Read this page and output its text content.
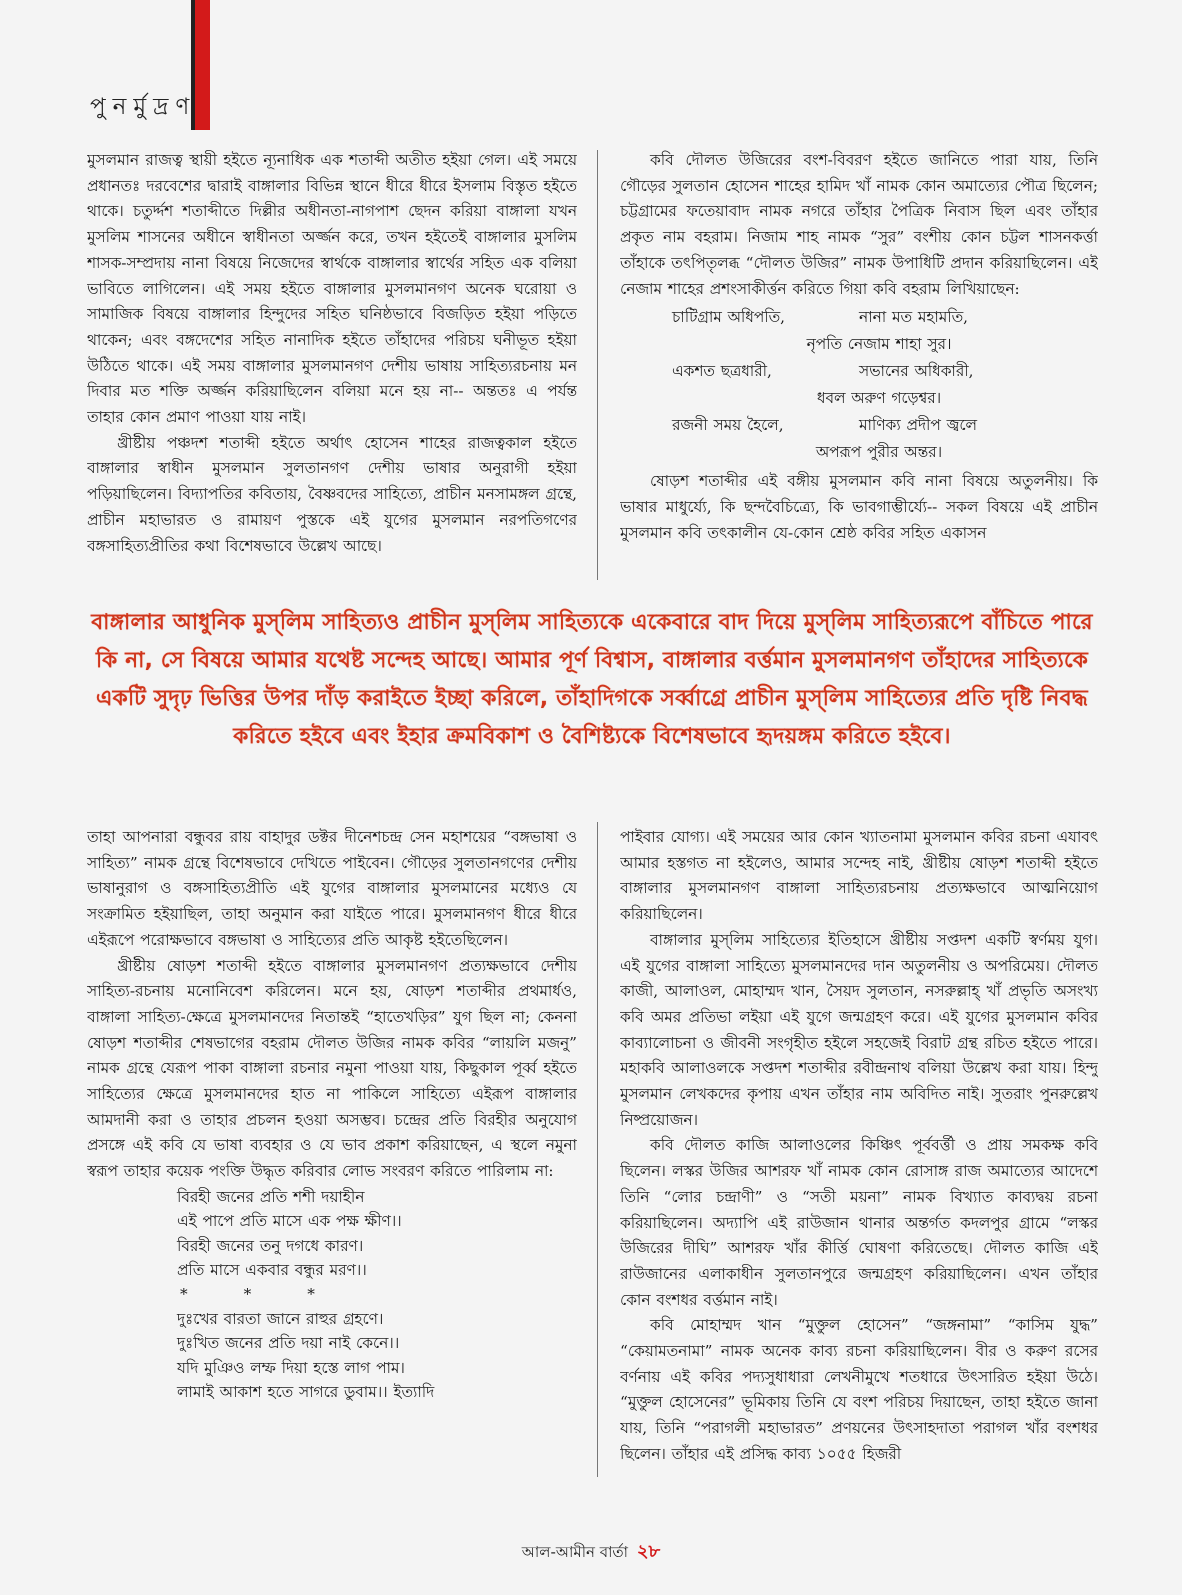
পুনর্মুদ্রণ

মুসলমান রাজত্ব স্থায়ী হইতে ন্যূনাধিক এক শতাব্দী অতীত হইয়া গেল। এই সময়ে প্রধানতঃ দরবেশের দ্বারাই বাঙ্গালার বিভিন্ন স্থানে ধীরে ধীরে ইসলাম বিস্তৃত হইতে থাকে। চতুর্দ্দশ শতাব্দীতে দিল্লীর অধীনতা-নাগপাশ ছেদন করিয়া বাঙ্গালা যখন মুসলিম শাসনের অধীনে স্বাধীনতা অর্জ্জন করে, তখন হইতেই বাঙ্গালার মুসলিম শাসক-সম্প্রদায় নানা বিষয়ে নিজেদের স্বার্থকে বাঙ্গালার স্বার্থের সহিত এক বলিয়া ভাবিতে লাগিলেন। এই সময় হইতে বাঙ্গালার মুসলমানগণ অনেক ঘরোয়া ও সামাজিক বিষয়ে বাঙ্গালার হিন্দুদের সহিত ঘনিষ্ঠভাবে বিজড়িত হইয়া পড়িতে থাকেন; এবং বঙ্গদেশের সহিত নানাদিক হইতে তাঁহাদের পরিচয় ঘনীভূত হইয়া উঠিতে থাকে। এই সময় বাঙ্গালার মুসলমানগণ দেশীয় ভাষায় সাহিত্যরচনায় মন দিবার মত শক্তি অর্জ্জন করিয়াছিলেন বলিয়া মনে হয় না-- অন্ততঃ এ পর্যন্ত তাহার কোন প্রমাণ পাওয়া যায় নাই।

খ্রীষ্টীয় পঞ্চদশ শতাব্দী হইতে অর্থাৎ হোসেন শাহের রাজত্বকাল হইতে বাঙ্গালার স্বাধীন মুসলমান সুলতানগণ দেশীয় ভাষার অনুরাগী হইয়া পড়িয়াছিলেন। বিদ্যাপতির কবিতায়, বৈষ্ণবদের সাহিত্যে, প্রাচীন মনসামঙ্গল গ্রন্থে, প্রাচীন মহাভারত ও রামায়ণ পুস্তকে এই যুগের মুসলমান নরপতিগণের বঙ্গসাহিত্যপ্রীতির কথা বিশেষভাবে উল্লেখ আছে।

কবি দৌলত উজিরের বংশ-বিবরণ হইতে জানিতে পারা যায়, তিনি গৌড়ের সুলতান হোসেন শাহের হামিদ খাঁ নামক কোন অমাত্যের পৌত্র ছিলেন; চট্টগ্রামের ফতেয়াবাদ নামক নগরে তাঁহার পৈত্রিক নিবাস ছিল এবং তাঁহার প্রকৃত নাম বহরাম। নিজাম শাহ নামক “সুর” বংশীয় কোন চট্টল শাসনকর্ত্তা তাঁহাকে তৎপিতৃলব্ধ “দৌলত উজির” নামক উপাধিটি প্রদান করিয়াছিলেন। এই নেজাম শাহের প্রশংসাকীর্ত্তন করিতে গিয়া কবি বহরাম লিখিয়াছেন:

চাটিগ্রাম অধিপতি,	নানা মত মহামতি,
নৃপতি নেজাম শাহা সুর।	
একশত ছত্রধারী,	সভানের অধিকারী,
ধবল অরুণ গড়েশ্বর।	
রজনী সময় হৈলে,	মাণিক্য প্রদীপ জ্বলে
অপরূপ পুরীর অন্তর।	

ষোড়শ শতাব্দীর এই বঙ্গীয় মুসলমান কবি নানা বিষয়ে অতুলনীয়। কি ভাষার মাধুর্য্যে, কি ছন্দবৈচিত্র্যে, কি ভাবগাম্ভীর্য্যে-- সকল বিষয়ে এই প্রাচীন মুসলমান কবি তৎকালীন যে-কোন শ্রেষ্ঠ কবির সহিত একাসন

বাঙ্গালার আধুনিক মুস্‌লিম সাহিত্যও প্রাচীন মুস্‌লিম সাহিত্যকে একেবারে বাদ দিয়ে মুস্‌লিম সাহিত্যরূপে বাঁচিতে পারে কি না, সে বিষয়ে আমার যথেষ্ট সন্দেহ আছে। আমার পূর্ণ বিশ্বাস, বাঙ্গালার বর্ত্তমান মুসলমানগণ তাঁহাদের সাহিত্যকে একটি সুদৃঢ় ভিত্তির উপর দাঁড় করাইতে ইচ্ছা করিলে, তাঁহাদিগকে সর্ব্বাগ্রে প্রাচীন মুস্‌লিম সাহিত্যের প্রতি দৃষ্টি নিবদ্ধ করিতে হইবে এবং ইহার ক্রমবিকাশ ও বৈশিষ্ট্যকে বিশেষভাবে হৃদয়ঙ্গম করিতে হইবে।

তাহা আপনারা বন্ধুবর রায় বাহাদুর ডক্টর দীনেশচন্দ্র সেন মহাশয়ের “বঙ্গভাষা ও সাহিত্য” নামক গ্রন্থে বিশেষভাবে দেখিতে পাইবেন। গৌড়ের সুলতানগণের দেশীয় ভাষানুরাগ ও বঙ্গসাহিত্যপ্রীতি এই যুগের বাঙ্গালার মুসলমানের মধ্যেও যে সংক্রামিত হইয়াছিল, তাহা অনুমান করা যাইতে পারে। মুসলমানগণ ধীরে ধীরে এইরূপে পরোক্ষভাবে বঙ্গভাষা ও সাহিত্যের প্রতি আকৃষ্ট হইতেছিলেন।

খ্রীষ্টীয় ষোড়শ শতাব্দী হইতে বাঙ্গালার মুসলমানগণ প্রত্যক্ষভাবে দেশীয় সাহিত্য-রচনায় মনোনিবেশ করিলেন। মনে হয়, ষোড়শ শতাব্দীর প্রথমার্ধও, বাঙ্গালা সাহিত্য-ক্ষেত্রে মুসলমানদের নিতান্তই “হাতেখড়ির” যুগ ছিল না; কেননা ষোড়শ শতাব্দীর শেষভাগের বহরাম দৌলত উজির নামক কবির “লায়লি মজনু” নামক গ্রন্থে যেরূপ পাকা বাঙ্গালা রচনার নমুনা পাওয়া যায়, কিছুকাল পূর্ব্ব হইতে সাহিত্যের ক্ষেত্রে মুসলমানদের হাত না পাকিলে সাহিত্যে এইরূপ বাঙ্গালার আমদানী করা ও তাহার প্রচলন হওয়া অসম্ভব। চন্দ্রের প্রতি বিরহীর অনুযোগ প্রসঙ্গে এই কবি যে ভাষা ব্যবহার ও যে ভাব প্রকাশ করিয়াছেন, এ স্থলে নমুনা স্বরূপ তাহার কয়েক পংক্তি উদ্ধৃত করিবার লোভ সংবরণ করিতে পারিলাম না:

বিরহী জনের প্রতি শশী দয়াহীন
এই পাপে প্রতি মাসে এক পক্ষ ক্ষীণ।।
বিরহী জনের তনু দগধে কারণ।
প্রতি মাসে একবার বন্ধুর মরণ।।
***
দুঃখের বারতা জানে রাহুর গ্রহণে।
দুঃখিত জনের প্রতি দয়া নাই কেনে।।
যদি মুঞিও লম্ফ দিয়া হস্তে লাগ পাম।
লামাই আকাশ হতে সাগরে ডুবাম।। ইত্যাদি

পাইবার যোগ্য। এই সময়ের আর কোন খ্যাতনামা মুসলমান কবির রচনা এযাবৎ আমার হস্তগত না হইলেও, আমার সন্দেহ নাই, খ্রীষ্টীয় ষোড়শ শতাব্দী হইতে বাঙ্গালার মুসলমানগণ বাঙ্গালা সাহিত্যরচনায় প্রত্যক্ষভাবে আত্মনিয়োগ করিয়াছিলেন।

বাঙ্গালার মুস্‌লিম সাহিত্যের ইতিহাসে খ্রীষ্টীয় সপ্তদশ একটি স্বর্ণময় যুগ। এই যুগের বাঙ্গালা সাহিত্যে মুসলমানদের দান অতুলনীয় ও অপরিমেয়। দৌলত কাজী, আলাওল, মোহাম্মদ খান, সৈয়দ সুলতান, নসরুল্লাহ্ খাঁ প্রভৃতি অসংখ্য কবি অমর প্রতিভা লইয়া এই যুগে জন্মগ্রহণ করে। এই যুগের মুসলমান কবির কাব্যালোচনা ও জীবনী সংগৃহীত হইলে সহজেই বিরাট গ্রন্থ রচিত হইতে পারে। মহাকবি আলাওলকে সপ্তদশ শতাব্দীর রবীন্দ্রনাথ বলিয়া উল্লেখ করা যায়। হিন্দু মুসলমান লেখকদের কৃপায় এখন তাঁহার নাম অবিদিত নাই। সুতরাং পুনরুল্লেখ নিষ্প্রয়োজন।

কবি দৌলত কাজি আলাওলের কিঞ্চিৎ পূর্ববর্ত্তী ও প্রায় সমকক্ষ কবি ছিলেন। লস্কর উজির আশরফ খাঁ নামক কোন রোসাঙ্গ রাজ অমাত্যের আদেশে তিনি “লোর চন্দ্রাণী” ও “সতী ময়না” নামক বিখ্যাত কাব্যদ্বয় রচনা করিয়াছিলেন। অদ্যাপি এই রাউজান থানার অন্তর্গত কদলপুর গ্রামে “লস্কর উজিরের দীঘি” আশরফ খাঁর কীর্ত্তি ঘোষণা করিতেছে। দৌলত কাজি এই রাউজানের এলাকাধীন সুলতানপুরে জন্মগ্রহণ করিয়াছিলেন। এখন তাঁহার কোন বংশধর বর্ত্তমান নাই।

কবি মোহাম্মদ খান “মুক্তুল হোসেন” “জঙ্গনামা” “কাসিম যুদ্ধ” “কেয়ামতনামা” নামক অনেক কাব্য রচনা করিয়াছিলেন। বীর ও করুণ রসের বর্ণনায় এই কবির পদ্যসুধাধারা লেখনীমুখে শতধারে উৎসারিত হইয়া উঠে। “মুক্তুল হোসেনের” ভূমিকায় তিনি যে বংশ পরিচয় দিয়াছেন, তাহা হইতে জানা যায়, তিনি “পরাগলী মহাভারত” প্রণয়নের উৎসাহদাতা পরাগল খাঁর বংশধর ছিলেন। তাঁহার এই প্রসিদ্ধ কাব্য ১০৫৫ হিজরী

আল-আমীন বার্তা ২৮
